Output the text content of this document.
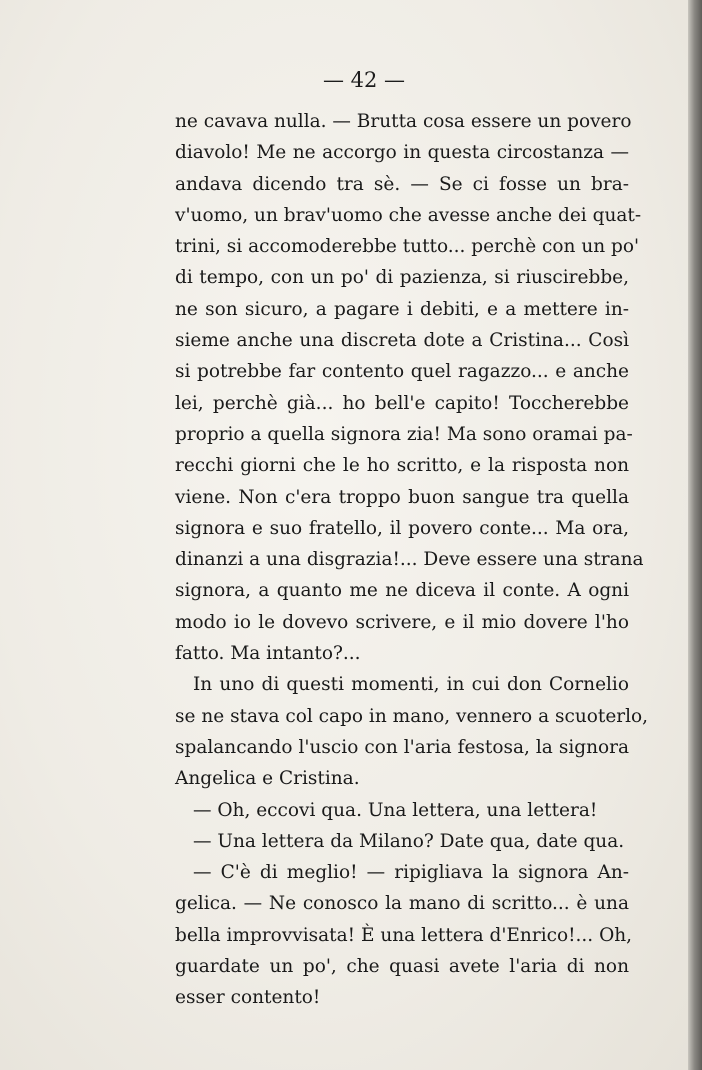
— 42 —
ne cavava nulla. — Brutta cosa essere un povero
diavolo! Me ne accorgo in questa circostanza —
andava dicendo tra sè. — Se ci fosse un bra-
v'uomo, un brav'uomo che avesse anche dei quat-
trini, si accomoderebbe tutto... perchè con un po'
di tempo, con un po' di pazienza, si riuscirebbe,
ne son sicuro, a pagare i debiti, e a mettere in-
sieme anche una discreta dote a Cristina... Così
si potrebbe far contento quel ragazzo... e anche
lei, perchè già... ho bell'e capito! Toccherebbe
proprio a quella signora zia! Ma sono oramai pa-
recchi giorni che le ho scritto, e la risposta non
viene. Non c'era troppo buon sangue tra quella
signora e suo fratello, il povero conte... Ma ora,
dinanzi a una disgrazia!... Deve essere una strana
signora, a quanto me ne diceva il conte. A ogni
modo io le dovevo scrivere, e il mio dovere l'ho
fatto. Ma intanto?...
In uno di questi momenti, in cui don Cornelio
se ne stava col capo in mano, vennero a scuoterlo,
spalancando l'uscio con l'aria festosa, la signora
Angelica e Cristina.
— Oh, eccovi qua. Una lettera, una lettera!
— Una lettera da Milano? Date qua, date qua.
— C'è di meglio! — ripigliava la signora An-
gelica. — Ne conosco la mano di scritto... è una
bella improvvisata! È una lettera d'Enrico!... Oh,
guardate un po', che quasi avete l'aria di non
esser contento!
